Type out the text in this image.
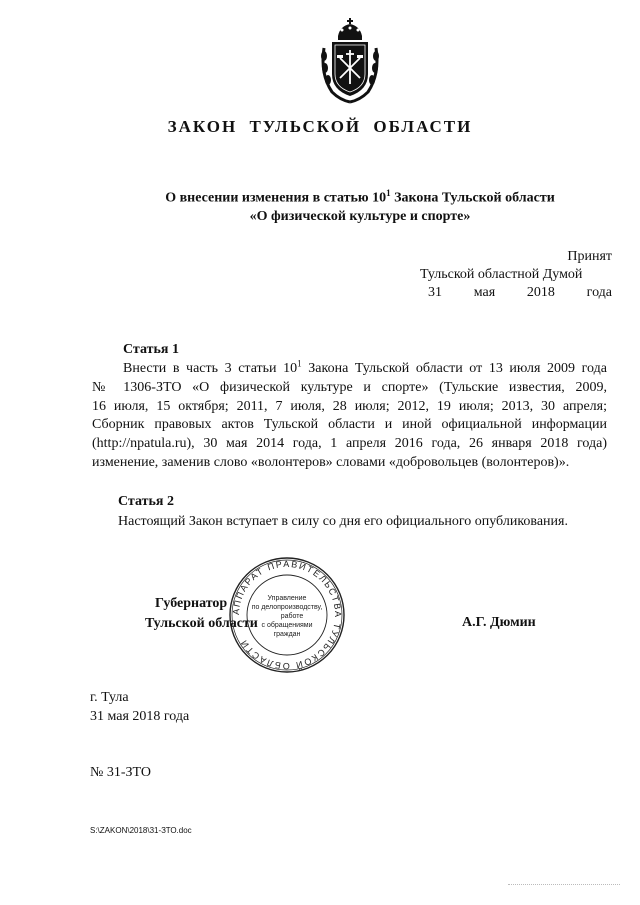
ЗАКОН ТУЛЬСКОЙ ОБЛАСТИ
О внесении изменения в статью $10^1$ Закона Тульской области
«О физической культуре и спорте»
Принят
Тульской областной Думой
31 мая 2018 года
Статья 1
Внести в часть 3 статьи $10^1$ Закона Тульской области от 13 июля 2009 года
№ 1306-ЗТО «О физической культуре и спорте» (Тульские известия, 2009,
16 июля, 15 октября; 2011, 7 июля, 28 июля; 2012, 19 июля; 2013, 30 апреля;
Сборник правовых актов Тульской области и иной официальной информации
(http://npatula.ru), 30 мая 2014 года, 1 апреля 2016 года, 26 января 2018 года)
изменение, заменив слово «волонтеров» словами «добровольцев (волонтеров)».
Статья 2
Настоящий Закон вступает в силу со дня его официального опубликования.
АППАРАТ ПРАВИТЕЛЬСТВА ТУЛЬСКОЙ ОБЛАСТИ
Управление
по делопроизводству,
работе
с обращениями
граждан
Губернатор
Тульской области	А.Г. Дюмин
г. Тула
31 мая 2018 года
№ 31-ЗТО
S:\ZAKON\2018\31-ЗТО.doc
